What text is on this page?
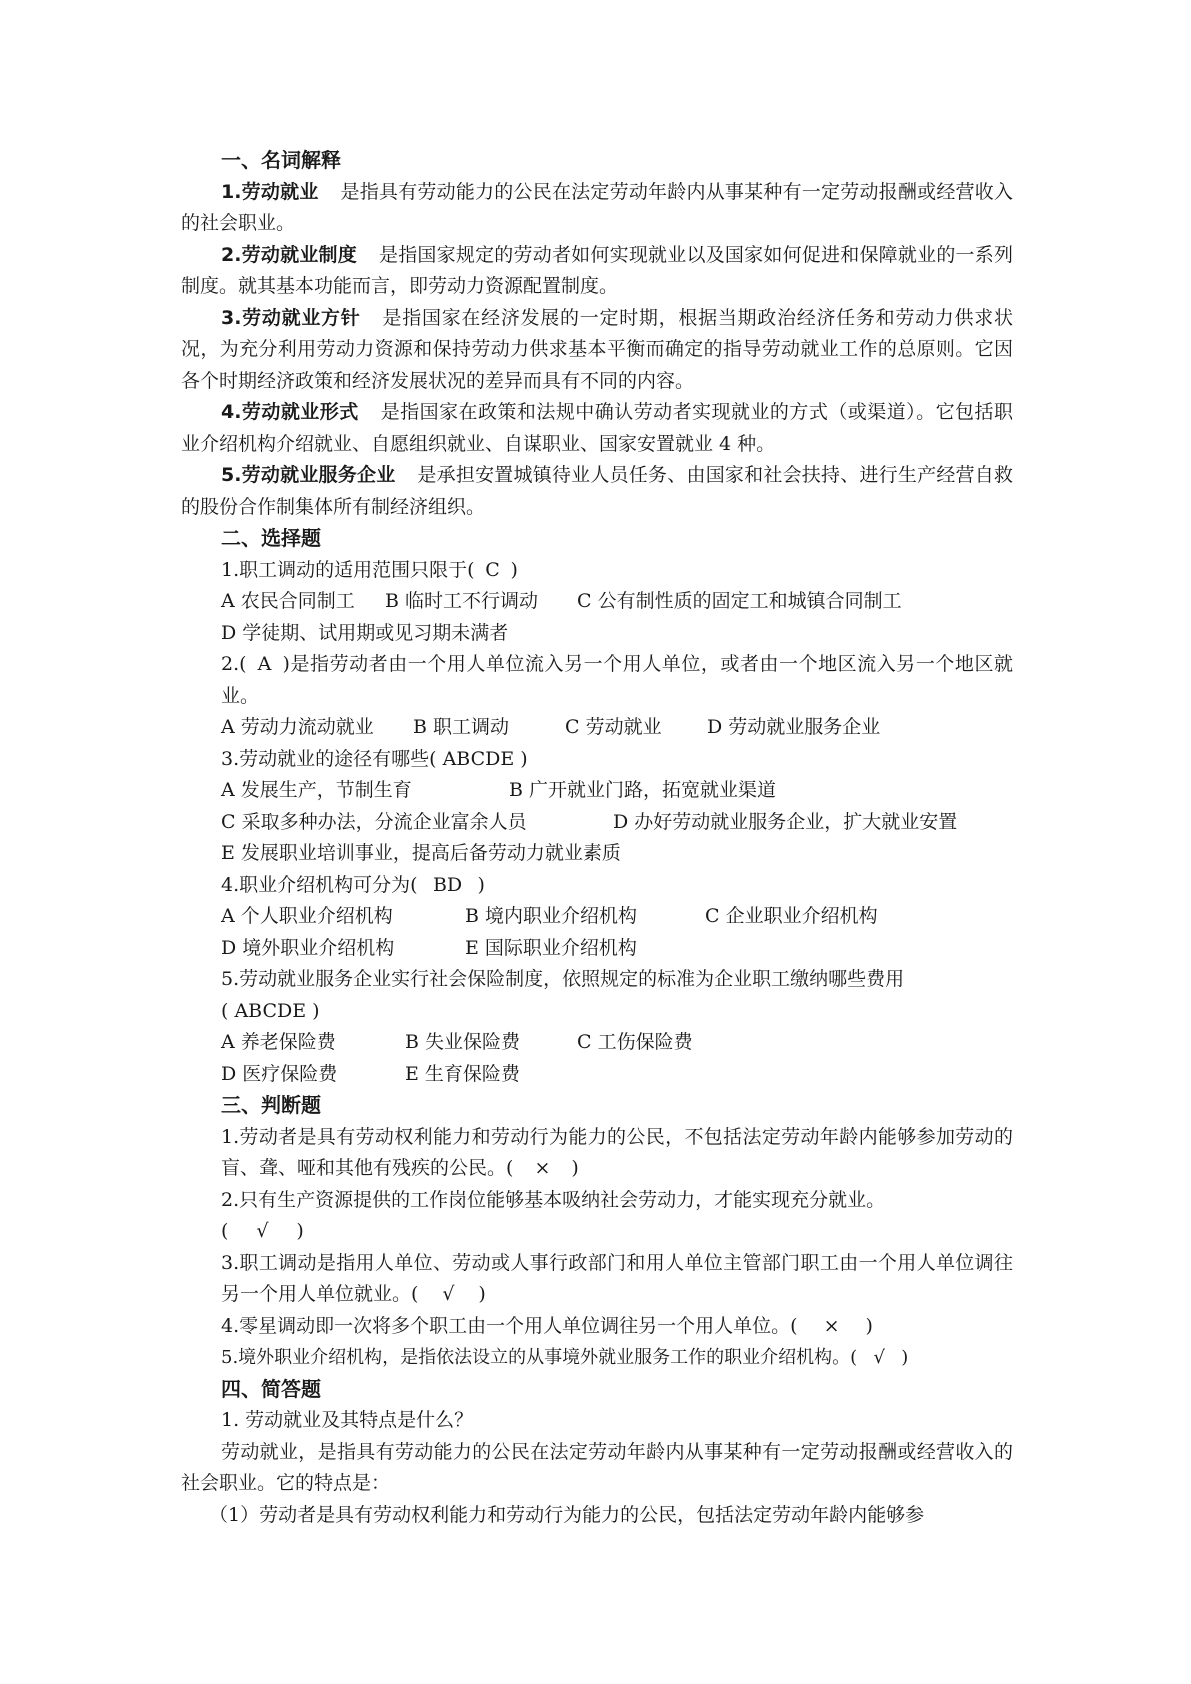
一、名词解释
1.劳动就业 是指具有劳动能力的公民在法定劳动年龄内从事某种有一定劳动报酬或经营收入的社会职业。
2.劳动就业制度 是指国家规定的劳动者如何实现就业以及国家如何促进和保障就业的一系列制度。就其基本功能而言，即劳动力资源配置制度。
3.劳动就业方针 是指国家在经济发展的一定时期，根据当期政治经济任务和劳动力供求状况，为充分利用劳动力资源和保持劳动力供求基本平衡而确定的指导劳动就业工作的总原则。它因各个时期经济政策和经济发展状况的差异而具有不同的内容。
4.劳动就业形式 是指国家在政策和法规中确认劳动者实现就业的方式（或渠道）。它包括职业介绍机构介绍就业、自愿组织就业、自谋职业、国家安置就业 4 种。
5.劳动就业服务企业 是承担安置城镇待业人员任务、由国家和社会扶持、进行生产经营自救的股份合作制集体所有制经济组织。
二、选择题
1.职工调动的适用范围只限于( C )
A 农民合同制工 B 临时工不行调动 C 公有制性质的固定工和城镇合同制工
D 学徒期、试用期或见习期未满者
2.( A )是指劳动者由一个用人单位流入另一个用人单位，或者由一个地区流入另一个地区就业。
A 劳动力流动就业 B 职工调动	C 劳动就业 D 劳动就业服务企业
3.劳动就业的途径有哪些( ABCDE )
A 发展生产，节制生育	B 广开就业门路，拓宽就业渠道
C 采取多种办法，分流企业富余人员	D 办好劳动就业服务企业，扩大就业安置
E 发展职业培训事业，提高后备劳动力就业素质
4.职业介绍机构可分为( BD )
A 个人职业介绍机构	B 境内职业介绍机构	C 企业职业介绍机构
D 境外职业介绍机构	E 国际职业介绍机构
5.劳动就业服务企业实行社会保险制度，依照规定的标准为企业职工缴纳哪些费用
( ABCDE )
A 养老保险费	B 失业保险费	C 工伤保险费
D 医疗保险费	E 生育保险费
三、判断题
1.劳动者是具有劳动权利能力和劳动行为能力的公民，不包括法定劳动年龄内能够参加劳动的盲、聋、哑和其他有残疾的公民。( × )
2.只有生产资源提供的工作岗位能够基本吸纳社会劳动力，才能实现充分就业。
( √ )
3.职工调动是指用人单位、劳动或人事行政部门和用人单位主管部门职工由一个用人单位调往另一个用人单位就业。( √ )
4.零星调动即一次将多个职工由一个用人单位调往另一个用人单位。( × )
5.境外职业介绍机构，是指依法设立的从事境外就业服务工作的职业介绍机构。( √ )
四、简答题
1. 劳动就业及其特点是什么？
劳动就业，是指具有劳动能力的公民在法定劳动年龄内从事某种有一定劳动报酬或经营收入的社会职业。它的特点是：
（1）劳动者是具有劳动权利能力和劳动行为能力的公民，包括法定劳动年龄内能够参
